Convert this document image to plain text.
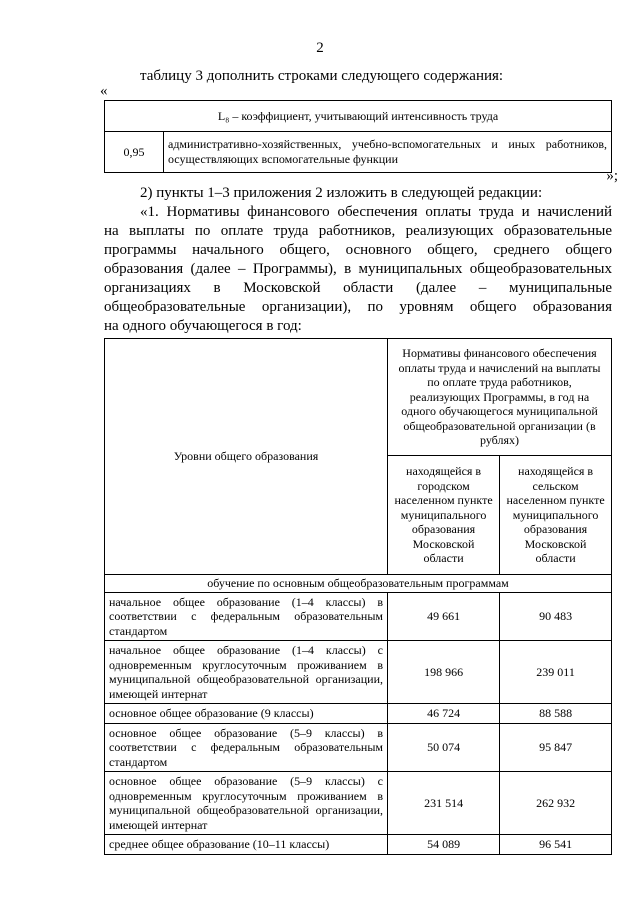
2
таблицу 3 дополнить строками следующего содержания:
«
L₈ – коэффициент, учитывающий интенсивность труда
0,95	административно-хозяйственных, учебно-вспомогательных и иных работников, осуществляющих вспомогательные функции
»;
2) пункты 1–3 приложения 2 изложить в следующей редакции:
«1. Нормативы финансового обеспечения оплаты труда и начислений
на выплаты по оплате труда работников, реализующих образовательные
программы начального общего, основного общего, среднего общего
образования (далее – Программы), в муниципальных общеобразовательных
организациях в Московской области (далее – муниципальные
общеобразовательные организации), по уровням общего образования
на одного обучающегося в год:
Уровни общего образования	Нормативы финансового обеспечения оплаты труда и начислений на выплаты по оплате труда работников, реализующих Программы, в год на одного обучающегося муниципальной общеобразовательной организации (в рублях)	
	находящейся в городском населенном пункте муниципального образования Московской области	находящейся в сельском населенном пункте муниципального образования Московской области
обучение по основным общеобразовательным программам		
начальное общее образование (1–4 классы) в соответствии с федеральным образовательным стандартом	49 661	90 483
начальное общее образование (1–4 классы) с одновременным круглосуточным проживанием в муниципальной общеобразовательной организации, имеющей интернат	198 966	239 011
основное общее образование (9 классы)	46 724	88 588
основное общее образование (5–9 классы) в соответствии с федеральным образовательным стандартом	50 074	95 847
основное общее образование (5–9 классы) с одновременным круглосуточным проживанием в муниципальной общеобразовательной организации, имеющей интернат	231 514	262 932
среднее общее образование (10–11 классы)	54 089	96 541
